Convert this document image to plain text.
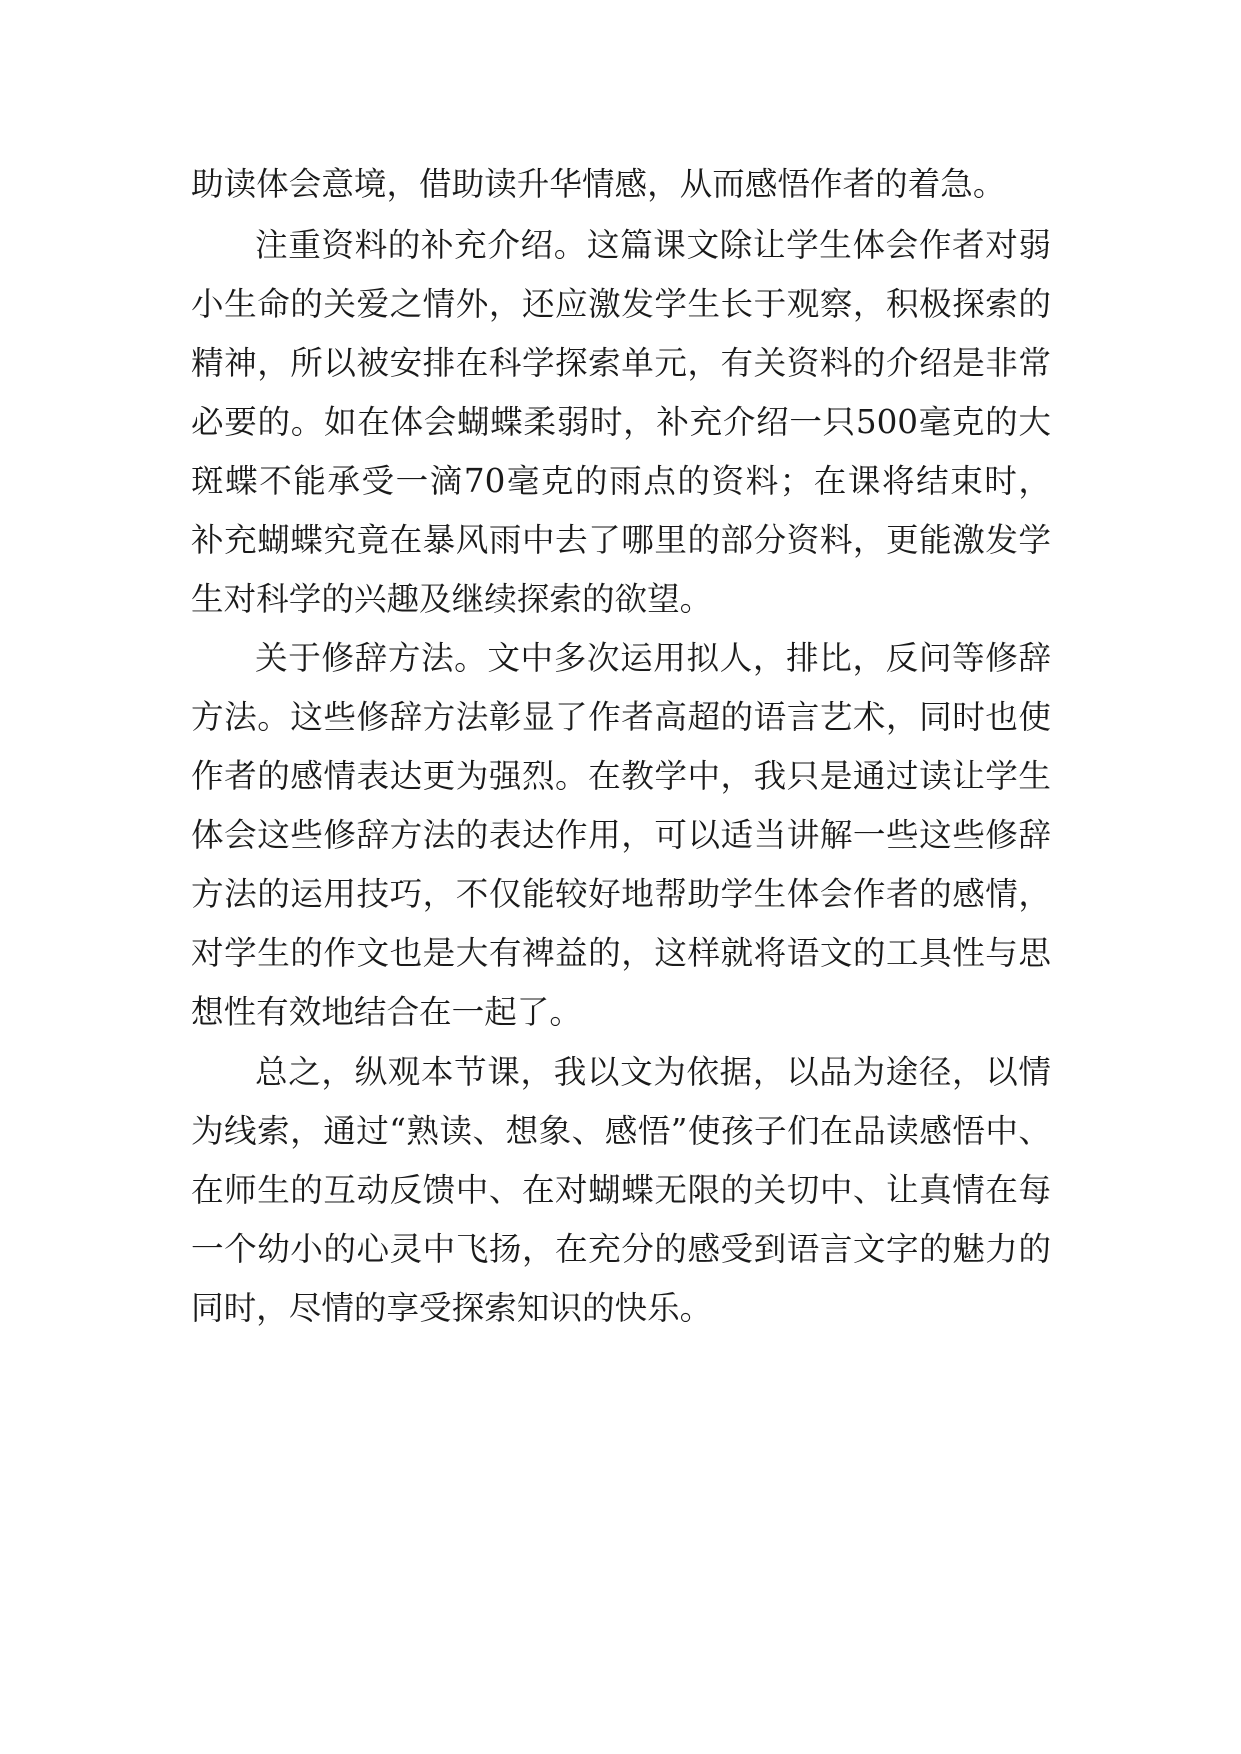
助读体会意境，借助读升华情感，从而感悟作者的着急。
注重资料的补充介绍。这篇课文除让学生体会作者对弱
小生命的关爱之情外，还应激发学生长于观察，积极探索的
精神，所以被安排在科学探索单元，有关资料的介绍是非常
必要的。如在体会蝴蝶柔弱时，补充介绍一只500毫克的大
斑蝶不能承受一滴70毫克的雨点的资料；在课将结束时，
补充蝴蝶究竟在暴风雨中去了哪里的部分资料，更能激发学
生对科学的兴趣及继续探索的欲望。
关于修辞方法。文中多次运用拟人，排比，反问等修辞
方法。这些修辞方法彰显了作者高超的语言艺术，同时也使
作者的感情表达更为强烈。在教学中，我只是通过读让学生
体会这些修辞方法的表达作用，可以适当讲解一些这些修辞
方法的运用技巧，不仅能较好地帮助学生体会作者的感情，
对学生的作文也是大有裨益的，这样就将语文的工具性与思
想性有效地结合在一起了。
总之，纵观本节课，我以文为依据，以品为途径，以情
为线索，通过“熟读、想象、感悟”使孩子们在品读感悟中、
在师生的互动反馈中、在对蝴蝶无限的关切中、让真情在每
一个幼小的心灵中飞扬，在充分的感受到语言文字的魅力的
同时，尽情的享受探索知识的快乐。
